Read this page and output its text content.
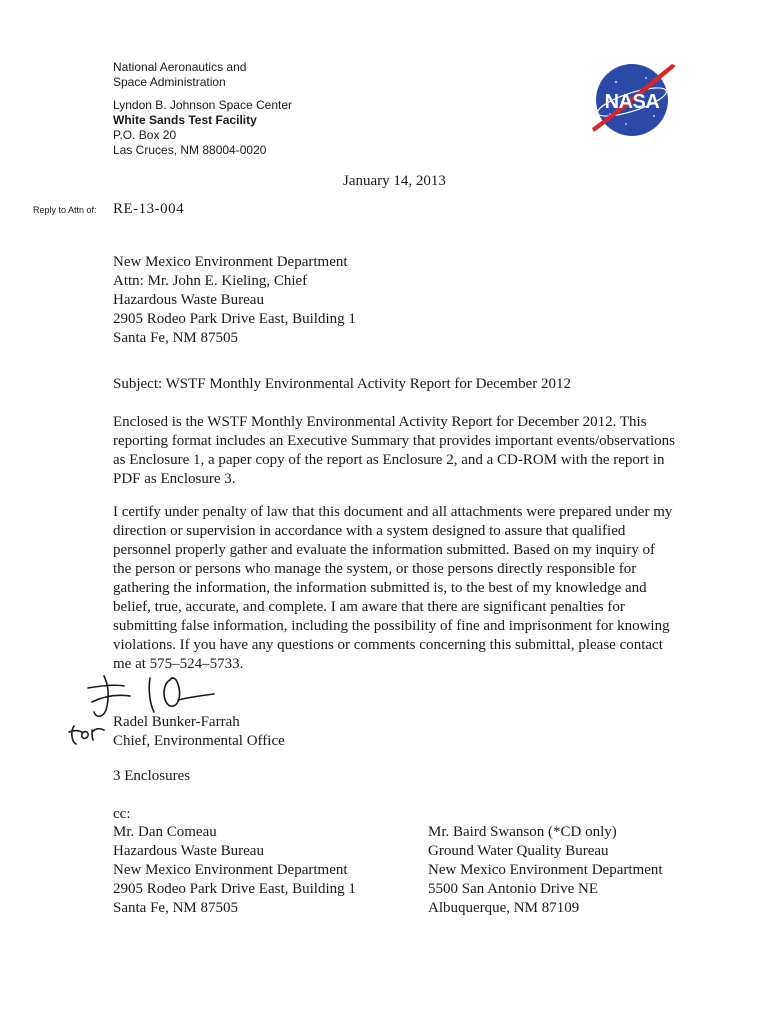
National Aeronautics and
Space Administration
Lyndon B. Johnson Space Center
White Sands Test Facility
P.O. Box 20
Las Cruces, NM 88004-0020
NASA
January 14, 2013
Reply to Attn of: RE-13-004
New Mexico Environment Department
Attn: Mr. John E. Kieling, Chief
Hazardous Waste Bureau
2905 Rodeo Park Drive East, Building 1
Santa Fe, NM 87505
Subject: WSTF Monthly Environmental Activity Report for December 2012
Enclosed is the WSTF Monthly Environmental Activity Report for December 2012. This
reporting format includes an Executive Summary that provides important events/observations
as Enclosure 1, a paper copy of the report as Enclosure 2, and a CD-ROM with the report in
PDF as Enclosure 3.
I certify under penalty of law that this document and all attachments were prepared under my
direction or supervision in accordance with a system designed to assure that qualified
personnel properly gather and evaluate the information submitted. Based on my inquiry of
the person or persons who manage the system, or those persons directly responsible for
gathering the information, the information submitted is, to the best of my knowledge and
belief, true, accurate, and complete. I am aware that there are significant penalties for
submitting false information, including the possibility of fine and imprisonment for knowing
violations. If you have any questions or comments concerning this submittal, please contact
me at 575–524–5733.
Radel Bunker-Farrah
Chief, Environmental Office
3 Enclosures
cc:
Mr. Dan Comeau
Hazardous Waste Bureau
New Mexico Environment Department
2905 Rodeo Park Drive East, Building 1
Santa Fe, NM 87505
Mr. Baird Swanson (*CD only)
Ground Water Quality Bureau
New Mexico Environment Department
5500 San Antonio Drive NE
Albuquerque, NM 87109
